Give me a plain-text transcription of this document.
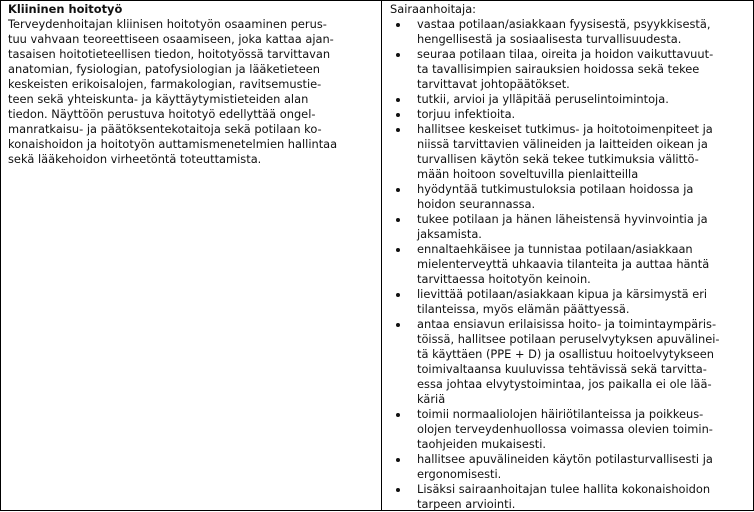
Kliininen hoitotyö
Terveydenhoitajan kliinisen hoitotyön osaaminen perus-
tuu vahvaan teoreettiseen osaamiseen, joka kattaa ajan-
tasaisen hoitotieteellisen tiedon, hoitotyössä tarvittavan
anatomian, fysiologian, patofysiologian ja lääketieteen
keskeisten erikoisalojen, farmakologian, ravitsemustie-
teen sekä yhteiskunta- ja käyttäytymistieteiden alan
tiedon. Näyttöön perustuva hoitotyö edellyttää ongel-
manratkaisu- ja päätöksentekotaitoja sekä potilaan ko-
konaishoidon ja hoitotyön auttamismenetelmien hallintaa
sekä lääkehoidon virheetöntä toteuttamista.
Sairaanhoitaja:
vastaa potilaan/asiakkaan fyysisestä, psyykkisestä,
hengellisestä ja sosiaalisesta turvallisuudesta.
seuraa potilaan tilaa, oireita ja hoidon vaikuttavuut-
ta tavallisimpien sairauksien hoidossa sekä tekee
tarvittavat johtopäätökset.
tutkii, arvioi ja ylläpitää peruselintoimintoja.
torjuu infektioita.
hallitsee keskeiset tutkimus- ja hoitotoimenpiteet ja
niissä tarvittavien välineiden ja laitteiden oikean ja
turvallisen käytön sekä tekee tutkimuksia välittö-
mään hoitoon soveltuvilla pienlaitteilla
hyödyntää tutkimustuloksia potilaan hoidossa ja
hoidon seurannassa.
tukee potilaan ja hänen läheistensä hyvinvointia ja
jaksamista.
ennaltaehkäisee ja tunnistaa potilaan/asiakkaan
mielenterveyttä uhkaavia tilanteita ja auttaa häntä
tarvittaessa hoitotyön keinoin.
lievittää potilaan/asiakkaan kipua ja kärsimystä eri
tilanteissa, myös elämän päättyessä.
antaa ensiavun erilaisissa hoito- ja toimintaympäris-
töissä, hallitsee potilaan peruselvytyksen apuvälinei-
tä käyttäen (PPE + D) ja osallistuu hoitoelvytykseen
toimivaltaansa kuuluvissa tehtävissä sekä tarvitta-
essa johtaa elvytystoimintaa, jos paikalla ei ole lää-
käriä
toimii normaaliolojen häiriötilanteissa ja poikkeus-
olojen terveydenhuollossa voimassa olevien toimin-
taohjeiden mukaisesti.
hallitsee apuvälineiden käytön potilasturvallisesti ja
ergonomisesti.
Lisäksi sairaanhoitajan tulee hallita kokonaishoidon
tarpeen arviointi.
